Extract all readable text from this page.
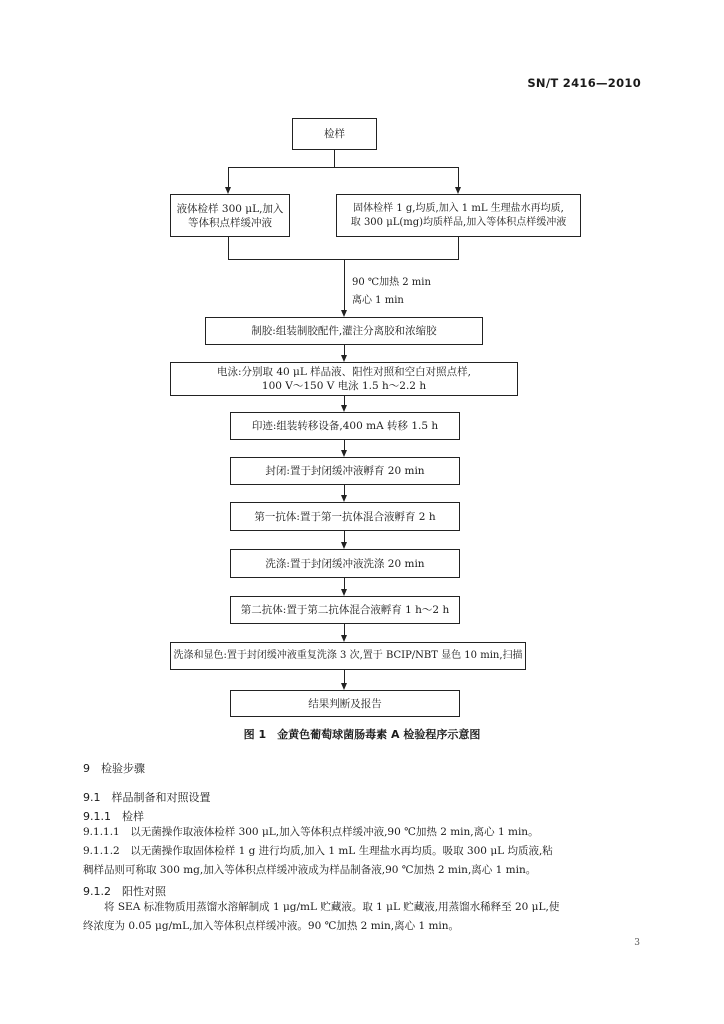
SN/T 2416—2010
检样
液体检样 300 μL,加入
等体积点样缓冲液
固体检样 1 g,均质,加入 1 mL 生理盐水再均质,
取 300 μL(mg)均质样品,加入等体积点样缓冲液
90 ℃加热 2 min
离心 1 min
制胶:组装制胶配件,灌注分离胶和浓缩胶
电泳:分别取 40 μL 样品液、阳性对照和空白对照点样,
100 V～150 V 电泳 1.5 h～2.2 h
印迹:组装转移设备,400 mA 转移 1.5 h
封闭:置于封闭缓冲液孵育 20 min
第一抗体:置于第一抗体混合液孵育 2 h
洗涤:置于封闭缓冲液洗涤 20 min
第二抗体:置于第二抗体混合液孵育 1 h～2 h
洗涤和显色:置于封闭缓冲液重复洗涤 3 次,置于 BCIP/NBT 显色 10 min,扫描
结果判断及报告
图 1　金黄色葡萄球菌肠毒素 A 检验程序示意图
9　检验步骤
9.1　样品制备和对照设置
9.1.1　检样
9.1.1.1　以无菌操作取液体检样 300 μL,加入等体积点样缓冲液,90 ℃加热 2 min,离心 1 min。
9.1.1.2　以无菌操作取固体检样 1 g 进行均质,加入 1 mL 生理盐水再均质。吸取 300 μL 均质液,粘
稠样品则可称取 300 mg,加入等体积点样缓冲液成为样品制备液,90 ℃加热 2 min,离心 1 min。
9.1.2　阳性对照
将 SEA 标准物质用蒸馏水溶解制成 1 μg/mL 贮藏液。取 1 μL 贮藏液,用蒸馏水稀释至 20 μL,使
终浓度为 0.05 μg/mL,加入等体积点样缓冲液。90 ℃加热 2 min,离心 1 min。
3
